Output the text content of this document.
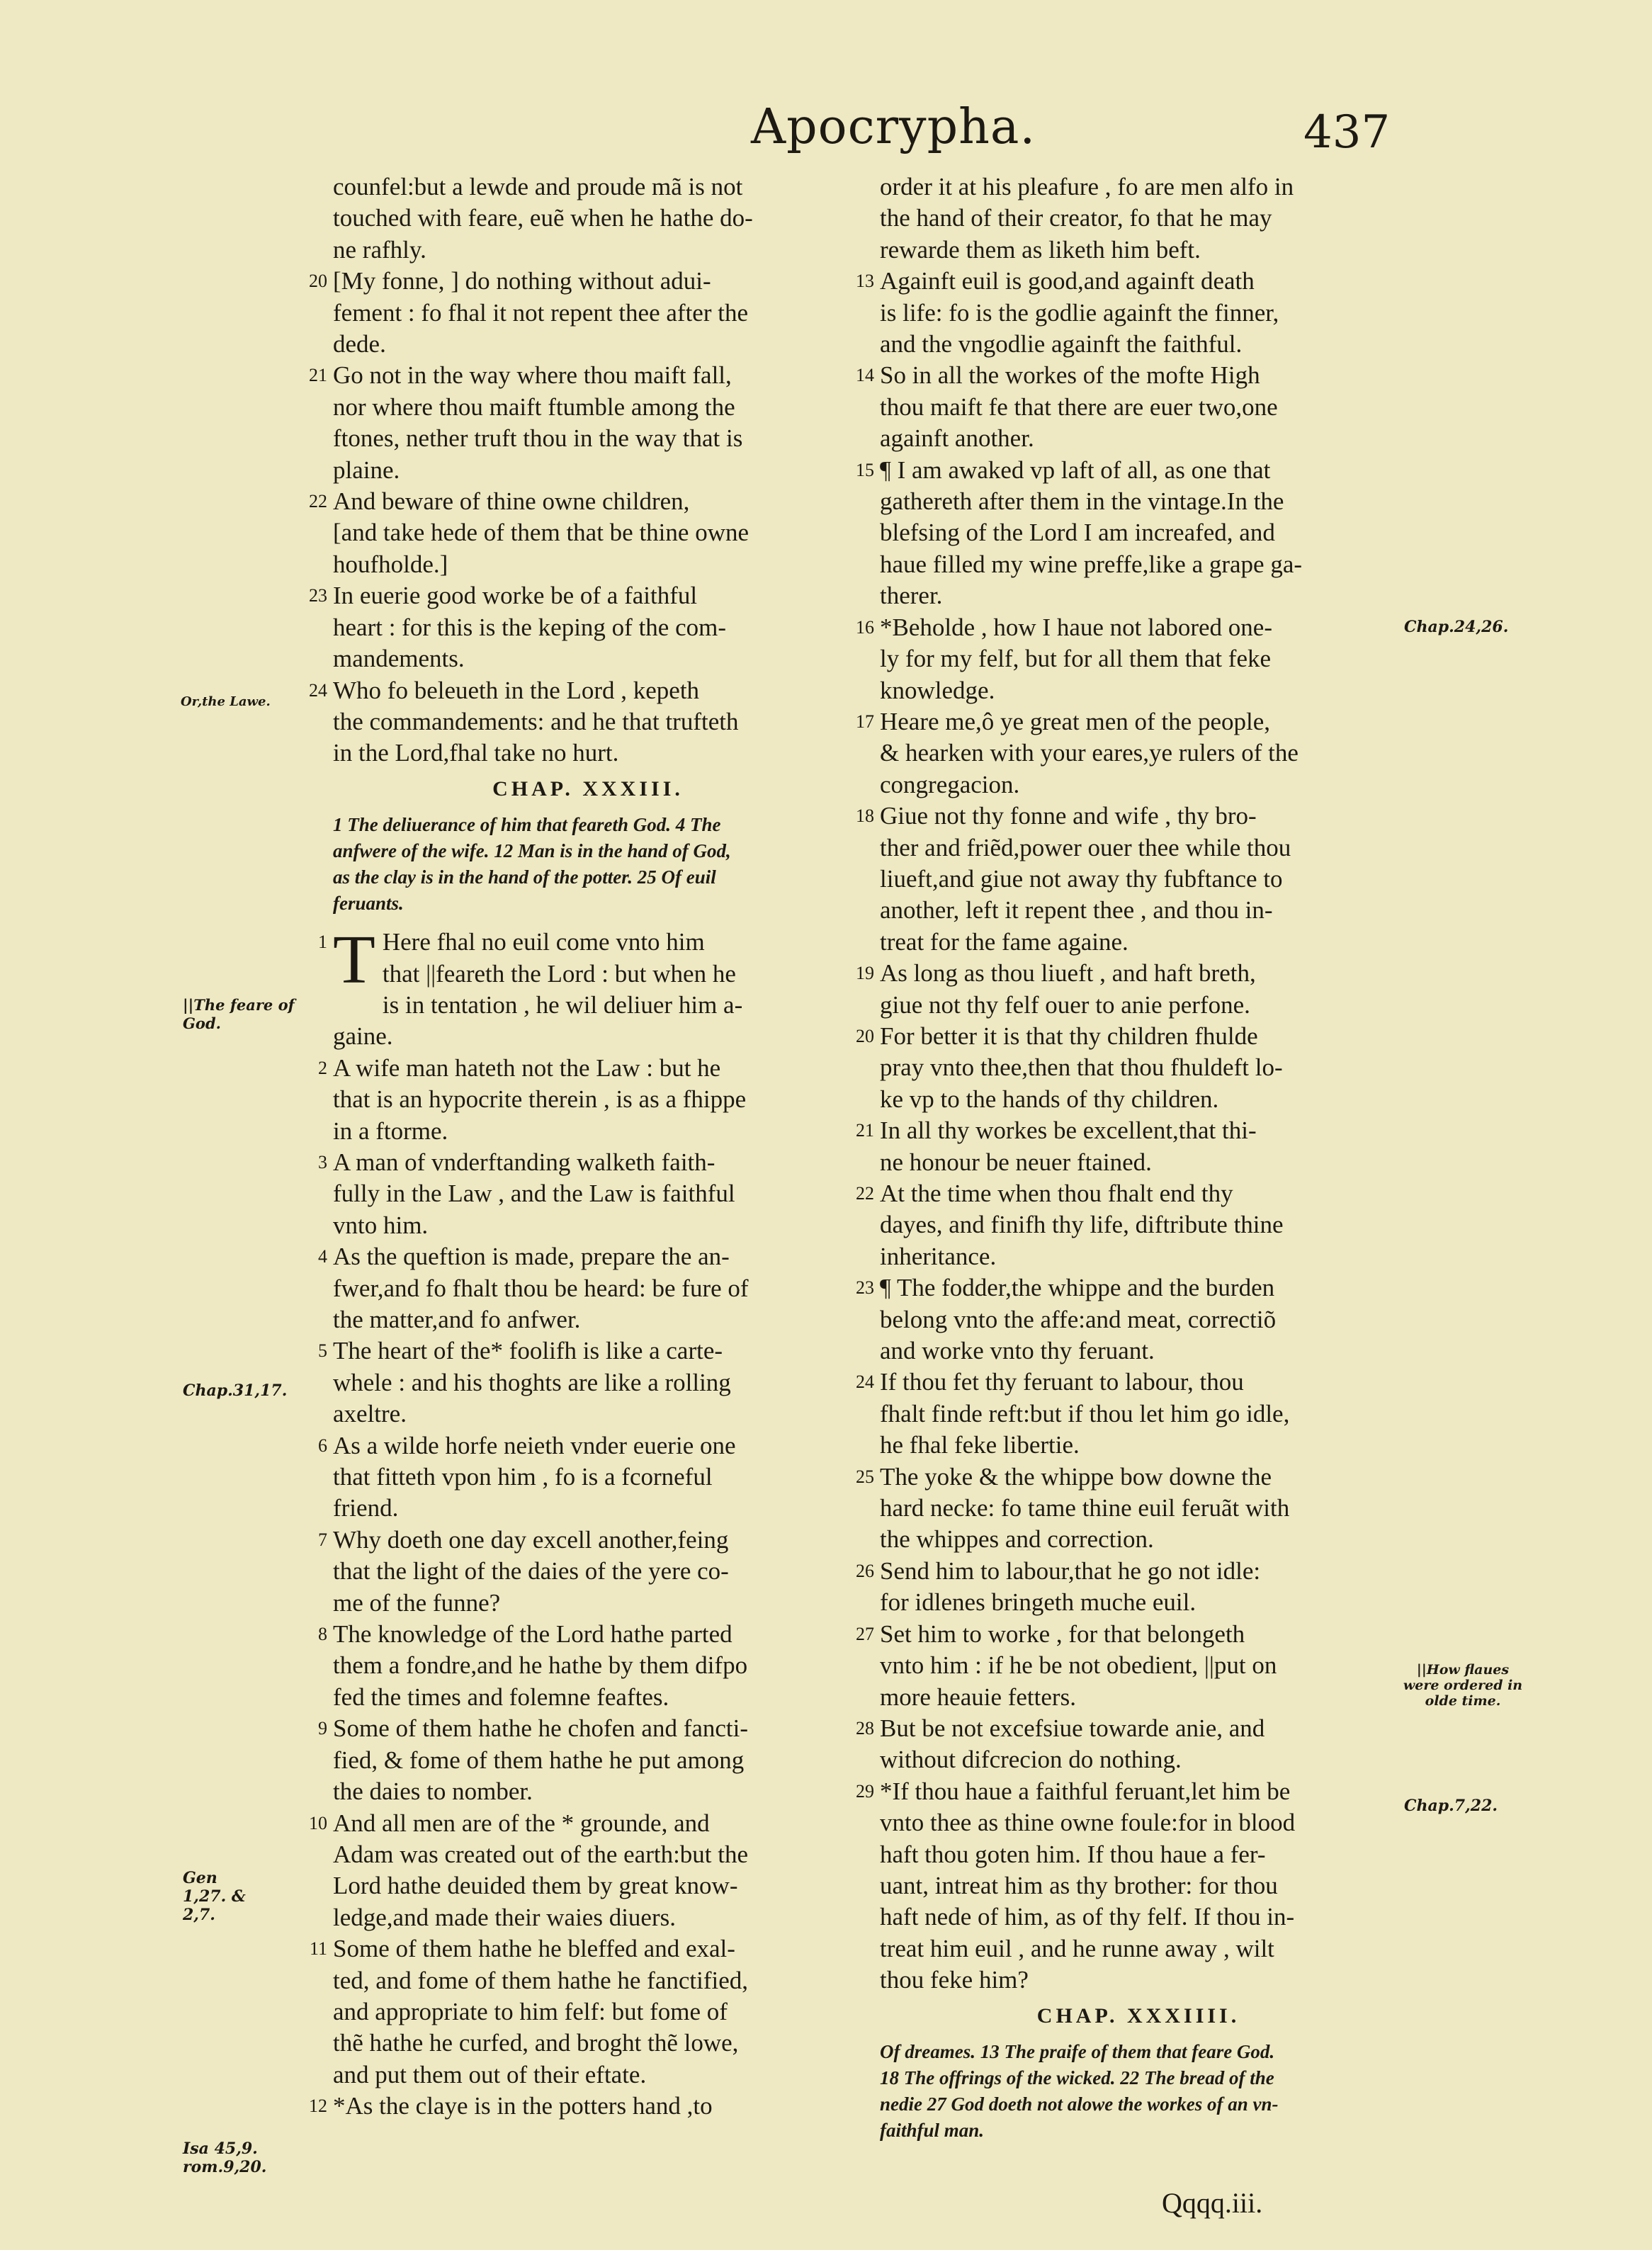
Apocrypha.	437
counfel:but a lewde and proude mã is not
touched with feare, euẽ when he hathe do-
ne rafhly.
20 [My fonne, ] do nothing without adui-
fement : fo fhal it not repent thee after the
dede.
21 Go not in the way where thou maift fall,
nor where thou maift ftumble among the
ftones, nether truft thou in the way that is
plaine.
22 And beware of thine owne children,
[and take hede of them that be thine owne
houfholde.]
23 In euerie good worke be of a faithful
heart : for this is the keping of the com-
mandements.
24 Who fo beleueth in the Lord , kepeth
the commandements: and he that trufteth
in the Lord,fhal take no hurt.
CHAP. XXXIII.
1 The deliuerance of him that feareth God. 4 The
anfwere of the wife. 12 Man is in the hand of God,
as the clay is in the hand of the potter. 25 Of euil
feruants.
1 T Here fhal no euil come vnto him
that ||feareth the Lord : but when he
is in tentation , he wil deliuer him a-
gaine.
2 A wife man hateth not the Law : but he
that is an hypocrite therein , is as a fhippe
in a ftorme.
3 A man of vnderftanding walketh faith-
fully in the Law , and the Law is faithful
vnto him.
4 As the queftion is made, prepare the an-
fwer,and fo fhalt thou be heard: be fure of
the matter,and fo anfwer.
5 The heart of the* foolifh is like a carte-
whele : and his thoghts are like a rolling
axeltre.
6 As a wilde horfe neieth vnder euerie one
that fitteth vpon him , fo is a fcorneful
friend.
7 Why doeth one day excell another,feing
that the light of the daies of the yere co-
me of the funne?
8 The knowledge of the Lord hathe parted
them a fondre,and he hathe by them difpo
fed the times and folemne feaftes.
9 Some of them hathe he chofen and fancti-
fied, & fome of them hathe he put among
the daies to nomber.
10 And all men are of the * grounde, and
Adam was created out of the earth:but the
Lord hathe deuided them by great know-
ledge,and made their waies diuers.
11 Some of them hathe he bleffed and exal-
ted, and fome of them hathe he fanctified,
and appropriate to him felf: but fome of
thẽ hathe he curfed, and broght thẽ lowe,
and put them out of their eftate.
12 *As the claye is in the potters hand ,to
order it at his pleafure , fo are men alfo in
the hand of their creator, fo that he may
rewarde them as liketh him beft.
13 Againft euil is good,and againft death
is life: fo is the godlie againft the finner,
and the vngodlie againft the faithful.
14 So in all the workes of the mofte High
thou maift fe that there are euer two,one
againft another.
15 ¶ I am awaked vp laft of all, as one that
gathereth after them in the vintage.In the
blefsing of the Lord I am increafed, and
haue filled my wine preffe,like a grape ga-
therer.
16 *Beholde , how I haue not labored one-
ly for my felf, but for all them that feke
knowledge.
17 Heare me,ô ye great men of the people,
& hearken with your eares,ye rulers of the
congregacion.
18 Giue not thy fonne and wife , thy bro-
ther and friẽd,power ouer thee while thou
liueft,and giue not away thy fubftance to
another, left it repent thee , and thou in-
treat for the fame againe.
19 As long as thou liueft , and haft breth,
giue not thy felf ouer to anie perfone.
20 For better it is that thy children fhulde
pray vnto thee,then that thou fhuldeft lo-
ke vp to the hands of thy children.
21 In all thy workes be excellent,that thi-
ne honour be neuer ftained.
22 At the time when thou fhalt end thy
dayes, and finifh thy life, diftribute thine
inheritance.
23 ¶ The fodder,the whippe and the burden
belong vnto the affe:and meat, correctiõ
and worke vnto thy feruant.
24 If thou fet thy feruant to labour, thou
fhalt finde reft:but if thou let him go idle,
he fhal feke libertie.
25 The yoke & the whippe bow downe the
hard necke: fo tame thine euil feruãt with
the whippes and correction.
26 Send him to labour,that he go not idle:
for idlenes bringeth muche euil.
27 Set him to worke , for that belongeth
vnto him : if he be not obedient, ||put on
more heauie fetters.
28 But be not excefsiue towarde anie, and
without difcrecion do nothing.
29 *If thou haue a faithful feruant,let him be
vnto thee as thine owne foule:for in blood
haft thou goten him. If thou haue a fer-
uant, intreat him as thy brother: for thou
haft nede of him, as of thy felf. If thou in-
treat him euil , and he runne away , wilt
thou feke him?
CHAP. XXXIIII.
Of dreames. 13 The praife of them that feare God.
18 The offrings of the wicked. 22 The bread of the
nedie 27 God doeth not alowe the workes of an vn-
faithful man.
Or,the Lawe.
||The feare of God.
Chap.31,17.
Gen 1,27. & 2,7.
Isa 45,9. rom.9,20.
Chap.24,26.
||How flaues were ordered in olde time.
Chap.7,22.
Qqqq.iii.
